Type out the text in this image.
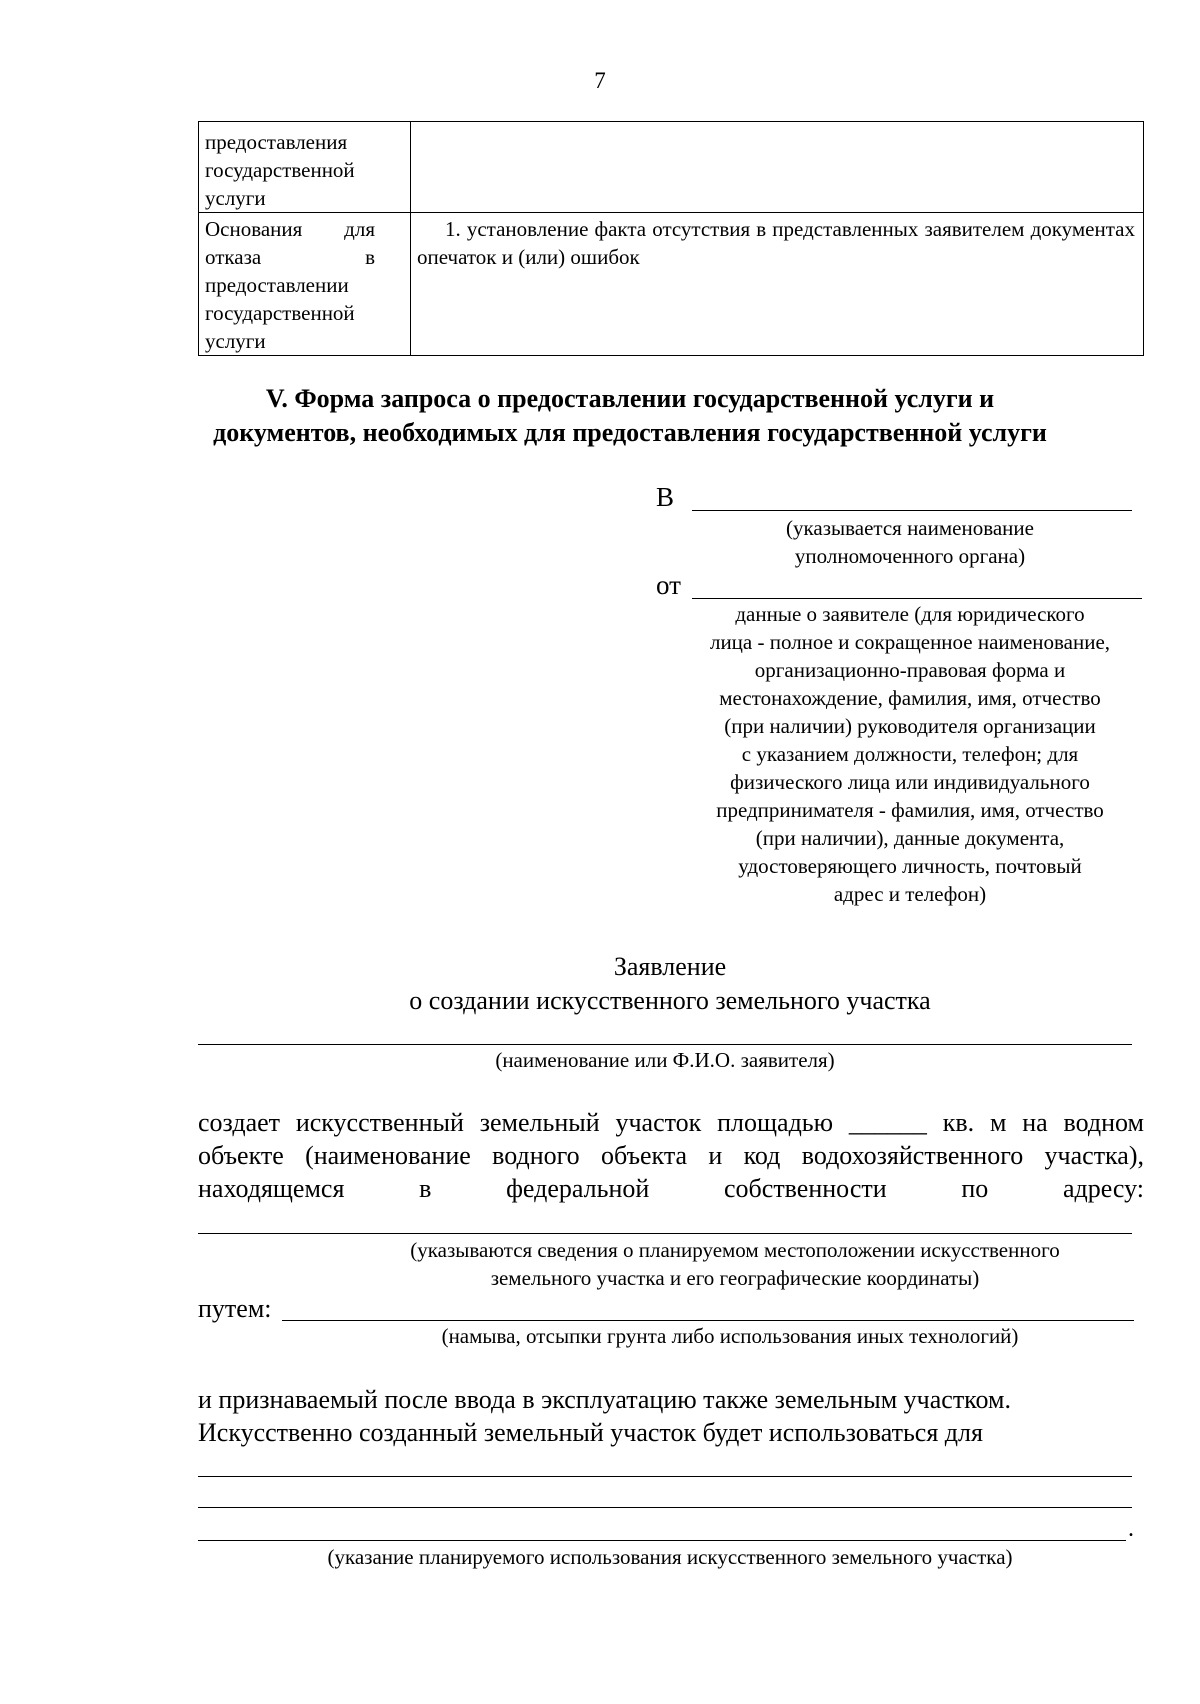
7
предоставления государственной услуги	

Основания для отказа в предоставлении государственной услуги	1. установление факта отсутствия в представленных заявителем документах опечаток и (или) ошибок
V. Форма запроса о предоставлении государственной услуги и
документов, необходимых для предоставления государственной услуги
В
(указывается наименование
уполномоченного органа)
от
данные о заявителе (для юридического
лица - полное и сокращенное наименование,
организационно-правовая форма и
местонахождение, фамилия, имя, отчество
(при наличии) руководителя организации
с указанием должности, телефон; для
физического лица или индивидуального
предпринимателя - фамилия, имя, отчество
(при наличии), данные документа,
удостоверяющего личность, почтовый
адрес и телефон)
Заявление
о создании искусственного земельного участка
(наименование или Ф.И.О. заявителя)
создает искусственный земельный участок площадью ______ кв. м на водном
объекте (наименование водного объекта и код водохозяйственного участка),
находящемся	в	федеральной	собственности	по	адресу:
(указываются сведения о планируемом местоположении искусственного
земельного участка и его географические координаты)
путем:
(намыва, отсыпки грунта либо использования иных технологий)
и признаваемый после ввода в эксплуатацию также земельным участком.
Искусственно созданный земельный участок будет использоваться для
.
(указание планируемого использования искусственного земельного участка)
